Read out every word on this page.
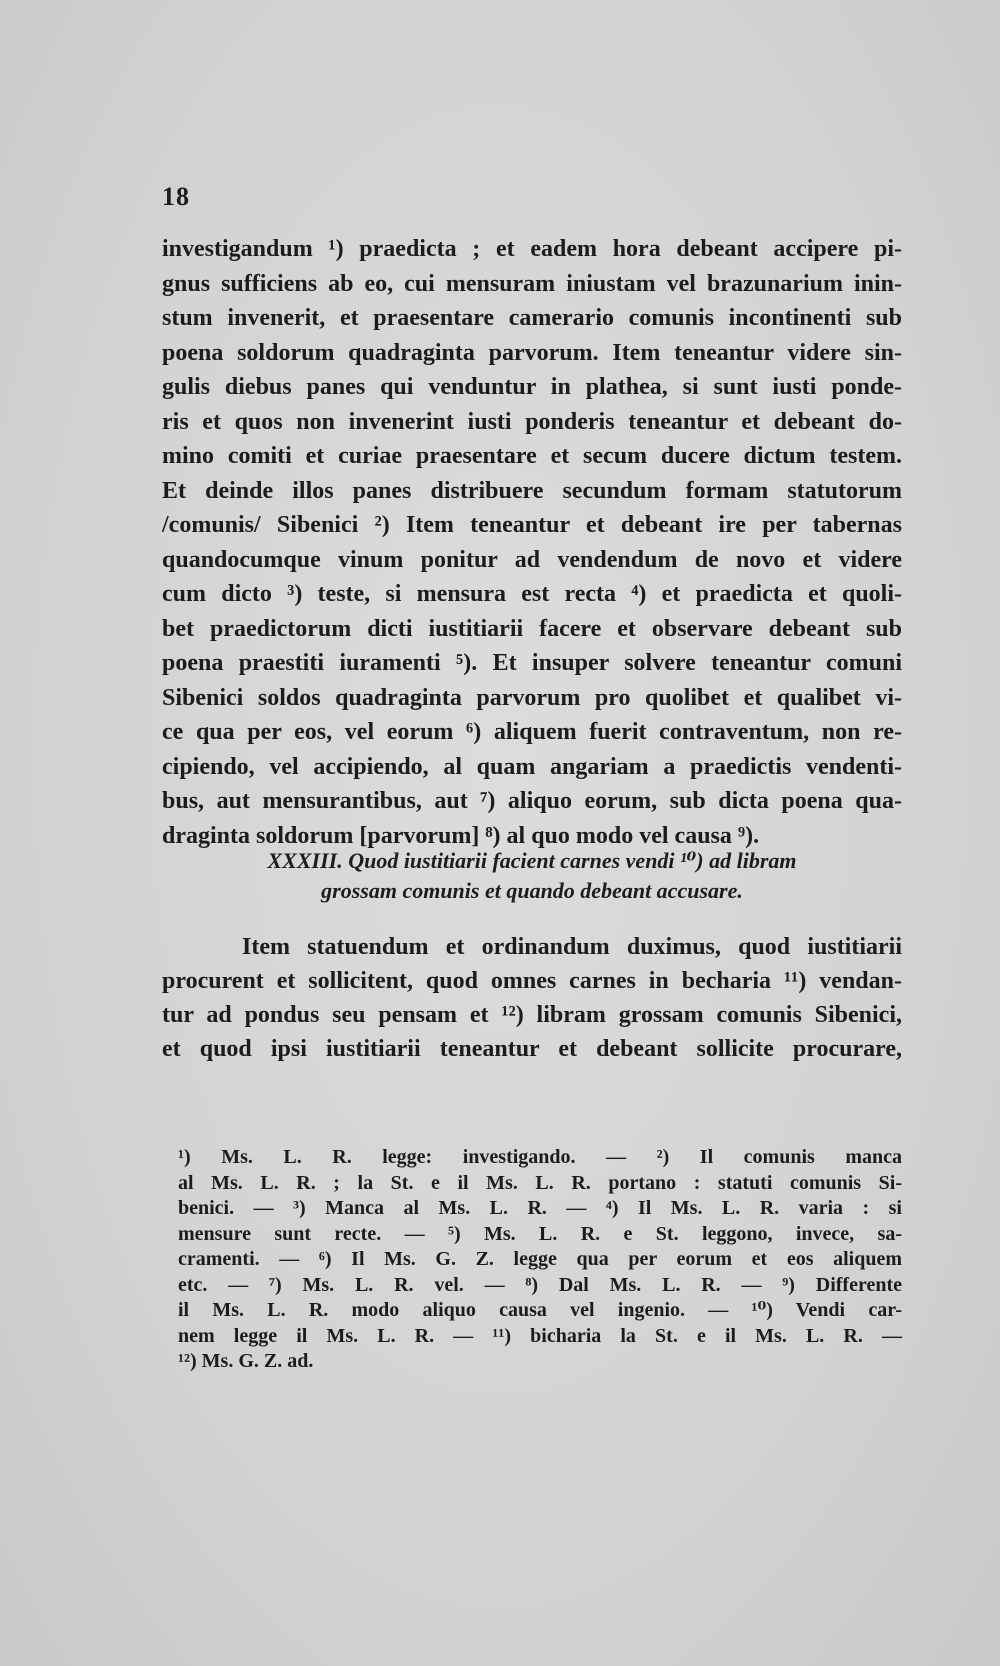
18
investigandum ¹) praedicta ; et eadem hora debeant accipere pi-
gnus sufficiens ab eo, cui mensuram iniustam vel brazunarium inin-
stum invenerit, et praesentare camerario comunis incontinenti sub
poena soldorum quadraginta parvorum. Item teneantur videre sin-
gulis diebus panes qui venduntur in plathea, si sunt iusti ponde-
ris et quos non invenerint iusti ponderis teneantur et debeant do-
mino comiti et curiae praesentare et secum ducere dictum testem.
Et deinde illos panes distribuere secundum formam statutorum
/comunis/ Sibenici ²) Item teneantur et debeant ire per tabernas
quandocumque vinum ponitur ad vendendum de novo et videre
cum dicto ³) teste, si mensura est recta ⁴) et praedicta et quoli-
bet praedictorum dicti iustitiarii facere et observare debeant sub
poena praestiti iuramenti ⁵). Et insuper solvere teneantur comuni
Sibenici soldos quadraginta parvorum pro quolibet et qualibet vi-
ce qua per eos, vel eorum ⁶) aliquem fuerit contraventum, non re-
cipiendo, vel accipiendo, al quam angariam a praedictis vendenti-
bus, aut mensurantibus, aut ⁷) aliquo eorum, sub dicta poena qua-
draginta soldorum [parvorum] ⁸) al quo modo vel causa ⁹).
XXXIII. Quod iustitiarii facient carnes vendi ¹⁰) ad libram
grossam comunis et quando debeant accusare.
Item statuendum et ordinandum duximus, quod iustitiarii
procurent et sollicitent, quod omnes carnes in becharia ¹¹) vendan-
tur ad pondus seu pensam et ¹²) libram grossam comunis Sibenici,
et quod ipsi iustitiarii teneantur et debeant sollicite procurare,
¹) Ms. L. R. legge: investigando. — ²) Il comunis manca
al Ms. L. R. ; la St. e il Ms. L. R. portano : statuti comunis Si-
benici. — ³) Manca al Ms. L. R. — ⁴) Il Ms. L. R. varia : si
mensure sunt recte. — ⁵) Ms. L. R. e St. leggono, invece, sa-
cramenti. — ⁶) Il Ms. G. Z. legge qua per eorum et eos aliquem
etc. — ⁷) Ms. L. R. vel. — ⁸) Dal Ms. L. R. — ⁹) Differente
il Ms. L. R. modo aliquo causa vel ingenio. — ¹⁰) Vendi car-
nem legge il Ms. L. R. — ¹¹) bicharia la St. e il Ms. L. R. —
¹²) Ms. G. Z. ad.
